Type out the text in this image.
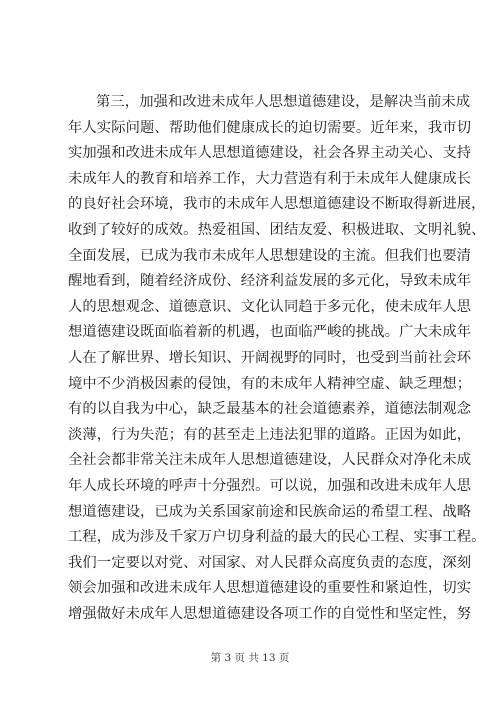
第三，加强和改进未成年人思想道德建设，是解决当前未成
年人实际问题、帮助他们健康成长的迫切需要。近年来，我市切
实加强和改进未成年人思想道德建设，社会各界主动关心、支持
未成年人的教育和培养工作，大力营造有利于未成年人健康成长
的良好社会环境，我市的未成年人思想道德建设不断取得新进展，
收到了较好的成效。热爱祖国、团结友爱、积极进取、文明礼貌、
全面发展，已成为我市未成年人思想建设的主流。但我们也要清
醒地看到，随着经济成份、经济利益发展的多元化，导致未成年
人的思想观念、道德意识、文化认同趋于多元化，使未成年人思
想道德建设既面临着新的机遇，也面临严峻的挑战。广大未成年
人在了解世界、增长知识、开阔视野的同时，也受到当前社会环
境中不少消极因素的侵蚀，有的未成年人精神空虚、缺乏理想；
有的以自我为中心，缺乏最基本的社会道德素养，道德法制观念
淡薄，行为失范；有的甚至走上违法犯罪的道路。正因为如此，
全社会都非常关注未成年人思想道德建设，人民群众对净化未成
年人成长环境的呼声十分强烈。可以说，加强和改进未成年人思
想道德建设，已成为关系国家前途和民族命运的希望工程、战略
工程，成为涉及千家万户切身利益的最大的民心工程、实事工程。
我们一定要以对党、对国家、对人民群众高度负责的态度，深刻
领会加强和改进未成年人思想道德建设的重要性和紧迫性，切实
增强做好未成年人思想道德建设各项工作的自觉性和坚定性，努
第 3 页 共 13 页
